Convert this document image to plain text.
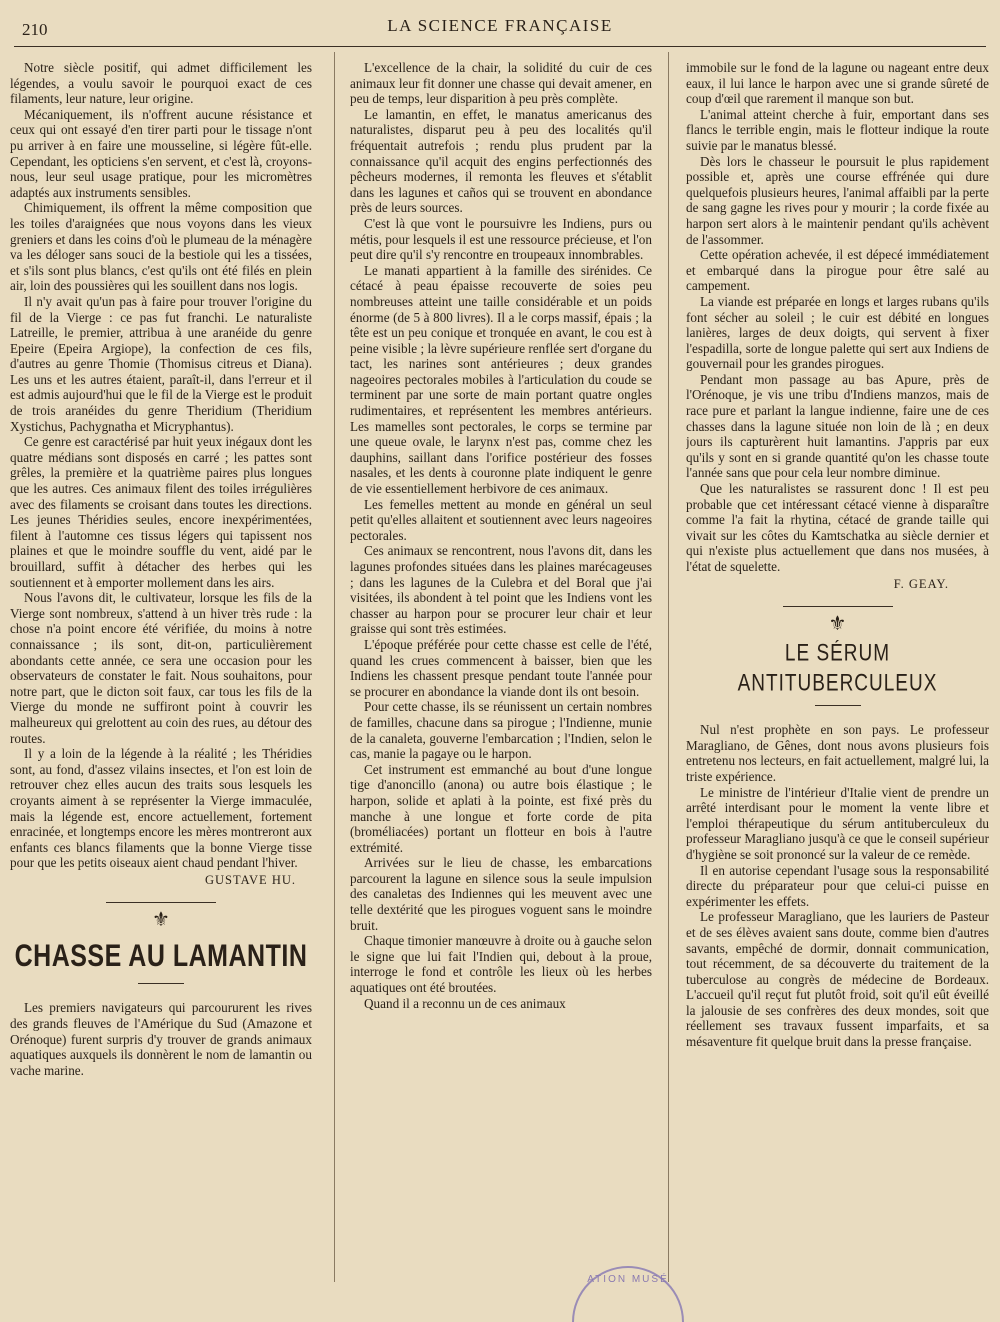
210	LA SCIENCE FRANÇAISE

Notre siècle positif, qui admet difficilement les légendes, a voulu savoir le pourquoi exact de ces filaments, leur nature, leur origine.

Mécaniquement, ils n'offrent aucune résistance et ceux qui ont essayé d'en tirer parti pour le tissage n'ont pu arriver à en faire une mousseline, si légère fût-elle. Cependant, les opticiens s'en servent, et c'est là, croyons-nous, leur seul usage pratique, pour les micromètres adaptés aux instruments sensibles.

Chimiquement, ils offrent la même composition que les toiles d'araignées que nous voyons dans les vieux greniers et dans les coins d'où le plumeau de la ménagère va les déloger sans souci de la bestiole qui les a tissées, et s'ils sont plus blancs, c'est qu'ils ont été filés en plein air, loin des poussières qui les souillent dans nos logis.

Il n'y avait qu'un pas à faire pour trouver l'origine du fil de la Vierge : ce pas fut franchi. Le naturaliste Latreille, le premier, attribua à une aranéide du genre Epeire (Epeira Argiope), la confection de ces fils, d'autres au genre Thomie (Thomisus citreus et Diana). Les uns et les autres étaient, paraît-il, dans l'erreur et il est admis aujourd'hui que le fil de la Vierge est le produit de trois aranéides du genre Theridium (Theridium Xystichus, Pachygnatha et Micryphantus).

Ce genre est caractérisé par huit yeux inégaux dont les quatre médians sont disposés en carré ; les pattes sont grêles, la première et la quatrième paires plus longues que les autres. Ces animaux filent des toiles irrégulières avec des filaments se croisant dans toutes les directions. Les jeunes Théridies seules, encore inexpérimentées, filent à l'automne ces tissus légers qui tapissent nos plaines et que le moindre souffle du vent, aidé par le brouillard, suffit à détacher des herbes qui les soutiennent et à emporter mollement dans les airs.

Nous l'avons dit, le cultivateur, lorsque les fils de la Vierge sont nombreux, s'attend à un hiver très rude : la chose n'a point encore été vérifiée, du moins à notre connaissance ; ils sont, dit-on, particulièrement abondants cette année, ce sera une occasion pour les observateurs de constater le fait. Nous souhaitons, pour notre part, que le dicton soit faux, car tous les fils de la Vierge du monde ne suffiront point à couvrir les malheureux qui grelottent au coin des rues, au détour des routes.

Il y a loin de la légende à la réalité ; les Théridies sont, au fond, d'assez vilains insectes, et l'on est loin de retrouver chez elles aucun des traits sous lesquels les croyants aiment à se représenter la Vierge immaculée, mais la légende est, encore actuellement, fortement enracinée, et longtemps encore les mères montreront aux enfants ces blancs filaments que la bonne Vierge tisse pour que les petits oiseaux aient chaud pendant l'hiver.

GUSTAVE HU.
⚜
CHASSE AU LAMANTIN

Les premiers navigateurs qui parcoururent les rives des grands fleuves de l'Amérique du Sud (Amazone et Orénoque) furent surpris d'y trouver de grands animaux aquatiques auxquels ils donnèrent le nom de lamantin ou vache marine.

L'excellence de la chair, la solidité du cuir de ces animaux leur fit donner une chasse qui devait amener, en peu de temps, leur disparition à peu près complète.

Le lamantin, en effet, le manatus americanus des naturalistes, disparut peu à peu des localités qu'il fréquentait autrefois ; rendu plus prudent par la connaissance qu'il acquit des engins perfectionnés des pêcheurs modernes, il remonta les fleuves et s'établit dans les lagunes et caños qui se trouvent en abondance près de leurs sources.

C'est là que vont le poursuivre les Indiens, purs ou métis, pour lesquels il est une ressource précieuse, et l'on peut dire qu'il s'y rencontre en troupeaux innombrables.

Le manati appartient à la famille des sirénides. Ce cétacé à peau épaisse recouverte de soies peu nombreuses atteint une taille considérable et un poids énorme (de 5 à 800 livres). Il a le corps massif, épais ; la tête est un peu conique et tronquée en avant, le cou est à peine visible ; la lèvre supérieure renflée sert d'organe du tact, les narines sont antérieures ; deux grandes nageoires pectorales mobiles à l'articulation du coude se terminent par une sorte de main portant quatre ongles rudimentaires, et représentent les membres antérieurs. Les mamelles sont pectorales, le corps se termine par une queue ovale, le larynx n'est pas, comme chez les dauphins, saillant dans l'orifice postérieur des fosses nasales, et les dents à couronne plate indiquent le genre de vie essentiellement herbivore de ces animaux.

Les femelles mettent au monde en général un seul petit qu'elles allaitent et soutiennent avec leurs nageoires pectorales.

Ces animaux se rencontrent, nous l'avons dit, dans les lagunes profondes situées dans les plaines marécageuses ; dans les lagunes de la Culebra et del Boral que j'ai visitées, ils abondent à tel point que les Indiens vont les chasser au harpon pour se procurer leur chair et leur graisse qui sont très estimées.

L'époque préférée pour cette chasse est celle de l'été, quand les crues commencent à baisser, bien que les Indiens les chassent presque pendant toute l'année pour se procurer en abondance la viande dont ils ont besoin.

Pour cette chasse, ils se réunissent un certain nombres de familles, chacune dans sa pirogue ; l'Indienne, munie de la canaleta, gouverne l'embarcation ; l'Indien, selon le cas, manie la pagaye ou le harpon.

Cet instrument est emmanché au bout d'une longue tige d'anoncillo (anona) ou autre bois élastique ; le harpon, solide et aplati à la pointe, est fixé près du manche à une longue et forte corde de pita (broméliacées) portant un flotteur en bois à l'autre extrémité.

Arrivées sur le lieu de chasse, les embarcations parcourent la lagune en silence sous la seule impulsion des canaletas des Indiennes qui les meuvent avec une telle dextérité que les pirogues voguent sans le moindre bruit.

Chaque timonier manœuvre à droite ou à gauche selon le signe que lui fait l'Indien qui, debout à la proue, interroge le fond et contrôle les lieux où les herbes aquatiques ont été broutées.

Quand il a reconnu un de ces animaux

immobile sur le fond de la lagune ou nageant entre deux eaux, il lui lance le harpon avec une si grande sûreté de coup d'œil que rarement il manque son but.

L'animal atteint cherche à fuir, emportant dans ses flancs le terrible engin, mais le flotteur indique la route suivie par le manatus blessé.

Dès lors le chasseur le poursuit le plus rapidement possible et, après une course effrénée qui dure quelquefois plusieurs heures, l'animal affaibli par la perte de sang gagne les rives pour y mourir ; la corde fixée au harpon sert alors à le maintenir pendant qu'ils achèvent de l'assommer.

Cette opération achevée, il est dépecé immédiatement et embarqué dans la pirogue pour être salé au campement.

La viande est préparée en longs et larges rubans qu'ils font sécher au soleil ; le cuir est débité en longues lanières, larges de deux doigts, qui servent à fixer l'espadilla, sorte de longue palette qui sert aux Indiens de gouvernail pour les grandes pirogues.

Pendant mon passage au bas Apure, près de l'Orénoque, je vis une tribu d'Indiens manzos, mais de race pure et parlant la langue indienne, faire une de ces chasses dans la lagune située non loin de là ; en deux jours ils capturèrent huit lamantins. J'appris par eux qu'ils y sont en si grande quantité qu'on les chasse toute l'année sans que pour cela leur nombre diminue.

Que les naturalistes se rassurent donc ! Il est peu probable que cet intéressant cétacé vienne à disparaître comme l'a fait la rhytina, cétacé de grande taille qui vivait sur les côtes du Kamtschatka au siècle dernier et qui n'existe plus actuellement que dans nos musées, à l'état de squelette.

F. GEAY.
⚜
LE SÉRUM ANTITUBERCULEUX

Nul n'est prophète en son pays. Le professeur Maragliano, de Gênes, dont nous avons plusieurs fois entretenu nos lecteurs, en fait actuellement, malgré lui, la triste expérience.

Le ministre de l'intérieur d'Italie vient de prendre un arrêté interdisant pour le moment la vente libre et l'emploi thérapeutique du sérum antituberculeux du professeur Maragliano jusqu'à ce que le conseil supérieur d'hygiène se soit prononcé sur la valeur de ce remède.

Il en autorise cependant l'usage sous la responsabilité directe du préparateur pour que celui-ci puisse en expérimenter les effets.

Le professeur Maragliano, que les lauriers de Pasteur et de ses élèves avaient sans doute, comme bien d'autres savants, empêché de dormir, donnait communication, tout récemment, de sa découverte du traitement de la tuberculose au congrès de médecine de Bordeaux. L'accueil qu'il reçut fut plutôt froid, soit qu'il eût éveillé la jalousie de ses confrères des deux mondes, soit que réellement ses travaux fussent imparfaits, et sa mésaventure fit quelque bruit dans la presse française.

ATION MUSÉ
